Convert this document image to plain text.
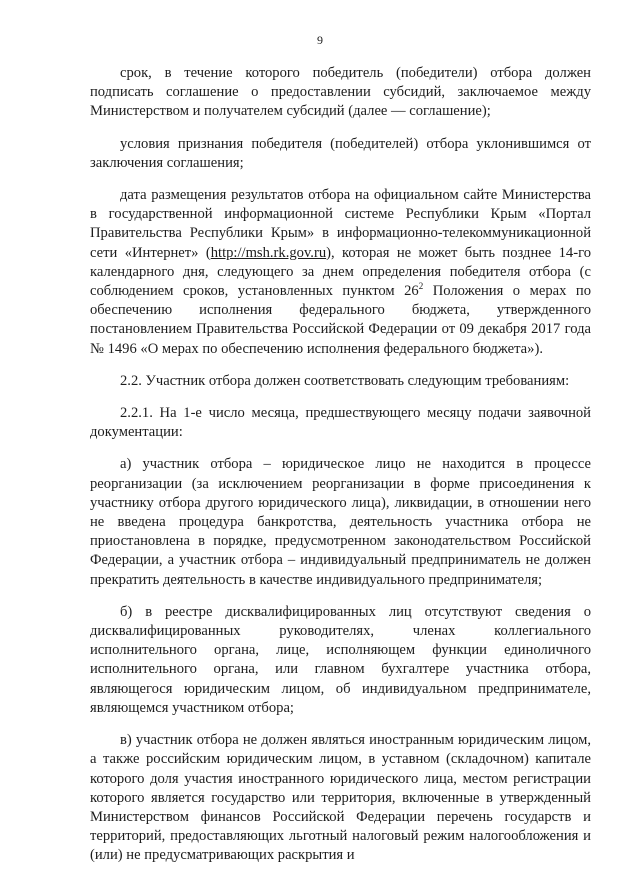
9

срок, в течение которого победитель (победители) отбора должен подписать соглашение о предоставлении субсидий, заключаемое между Министерством и получателем субсидий (далее — соглашение);

условия признания победителя (победителей) отбора уклонившимся от заключения соглашения;

дата размещения результатов отбора на официальном сайте Министерства в государственной информационной системе Республики Крым «Портал Правительства Республики Крым» в информационно-телекоммуникационной сети «Интернет» (http://msh.rk.gov.ru), которая не может быть позднее 14-го календарного дня, следующего за днем определения победителя отбора (с соблюдением сроков, установленных пунктом $26^2$ Положения о мерах по обеспечению исполнения федерального бюджета, утвержденного постановлением Правительства Российской Федерации от 09 декабря 2017 года № 1496 «О мерах по обеспечению исполнения федерального бюджета»).

2.2. Участник отбора должен соответствовать следующим требованиям:

2.2.1. На 1-е число месяца, предшествующего месяцу подачи заявочной документации:

а) участник отбора – юридическое лицо не находится в процессе реорганизации (за исключением реорганизации в форме присоединения к участнику отбора другого юридического лица), ликвидации, в отношении него не введена процедура банкротства, деятельность участника отбора не приостановлена в порядке, предусмотренном законодательством Российской Федерации, а участник отбора – индивидуальный предприниматель не должен прекратить деятельность в качестве индивидуального предпринимателя;

б) в реестре дисквалифицированных лиц отсутствуют сведения о дисквалифицированных руководителях, членах коллегиального исполнительного органа, лице, исполняющем функции единоличного исполнительного органа, или главном бухгалтере участника отбора, являющегося юридическим лицом, об индивидуальном предпринимателе, являющемся участником отбора;

в) участник отбора не должен являться иностранным юридическим лицом, а также российским юридическим лицом, в уставном (складочном) капитале которого доля участия иностранного юридического лица, местом регистрации которого является государство или территория, включенные в утвержденный Министерством финансов Российской Федерации перечень государств и территорий, предоставляющих льготный налоговый режим налогообложения и (или) не предусматривающих раскрытия и
